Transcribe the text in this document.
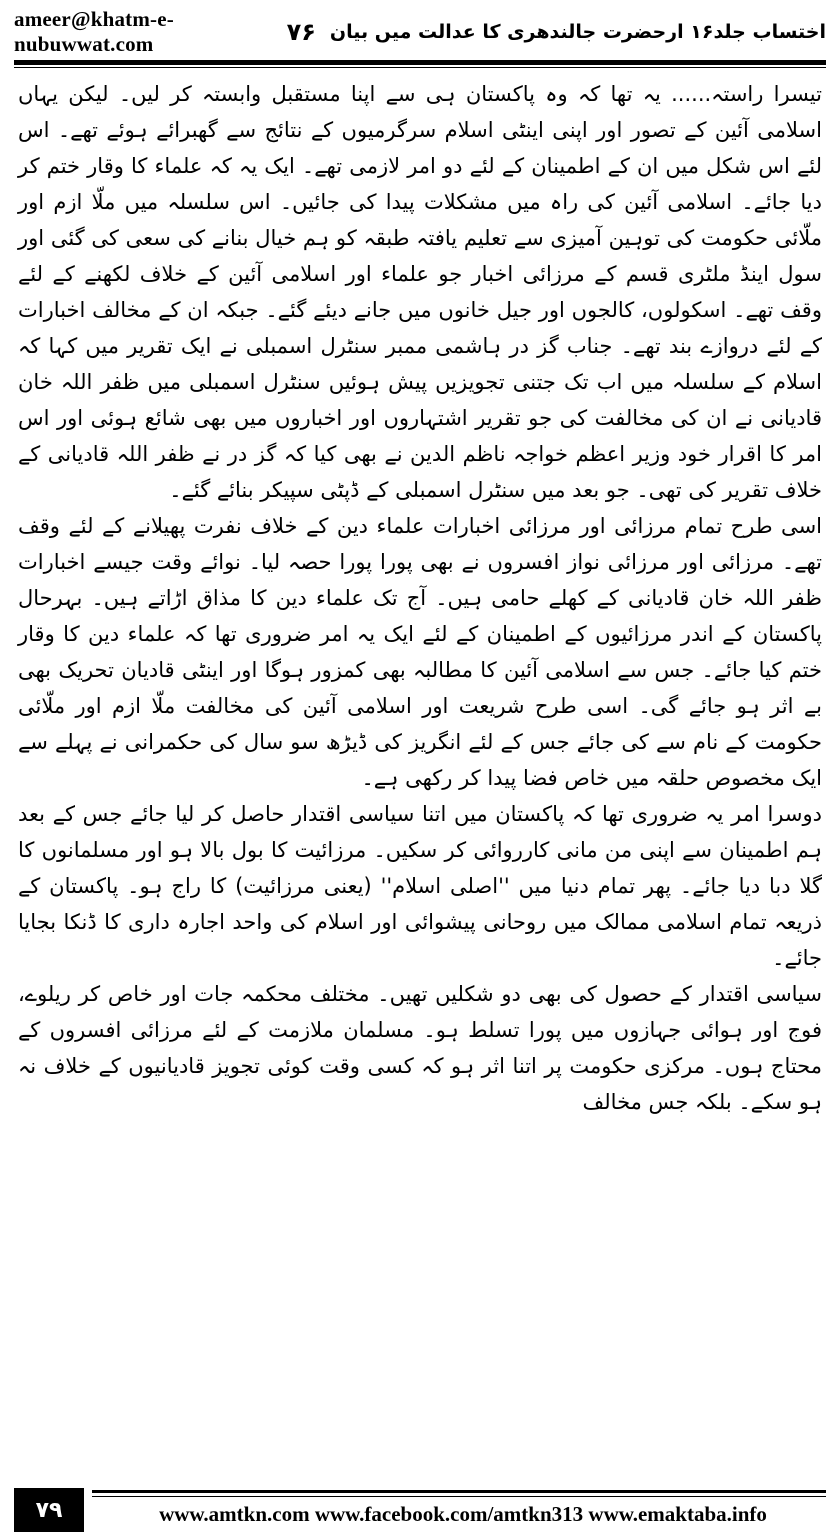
ameer@khatm-e-nubuwwat.com	اختساب جلد۱۶ ارحضرت جالندھری کا عدالت میں بیان
۷۶

تیسرا راستہ...... یہ تھا کہ وہ پاکستان ہی سے اپنا مستقبل وابستہ کر لیں۔ لیکن یہاں اسلامی آئین کے تصور اور اپنی اینٹی اسلام سرگرمیوں کے نتائج سے گھبرائے ہوئے تھے۔ اس لئے اس شکل میں ان کے اطمینان کے لئے دو امر لازمی تھے۔ ایک یہ کہ علماء کا وقار ختم کر دیا جائے۔ اسلامی آئین کی راہ میں مشکلات پیدا کی جائیں۔ اس سلسلہ میں ملّا ازم اور ملّائی حکومت کی توہین آمیزی سے تعلیم یافتہ طبقہ کو ہم خیال بنانے کی سعی کی گئی اور سول اینڈ ملٹری قسم کے مرزائی اخبار جو علماء اور اسلامی آئین کے خلاف لکھنے کے لئے وقف تھے۔ اسکولوں، کالجوں اور جیل خانوں میں جانے دیئے گئے۔ جبکہ ان کے مخالف اخبارات کے لئے دروازے بند تھے۔ جناب گز در ہاشمی ممبر سنٹرل اسمبلی نے ایک تقریر میں کہا کہ اسلام کے سلسلہ میں اب تک جتنی تجویزیں پیش ہوئیں سنٹرل اسمبلی میں ظفر اللہ خان قادیانی نے ان کی مخالفت کی جو تقریر اشتہاروں اور اخباروں میں بھی شائع ہوئی اور اس امر کا اقرار خود وزیر اعظم خواجہ ناظم الدین نے بھی کیا کہ گز در نے ظفر اللہ قادیانی کے خلاف تقریر کی تھی۔ جو بعد میں سنٹرل اسمبلی کے ڈپٹی سپیکر بنائے گئے۔

اسی طرح تمام مرزائی اور مرزائی اخبارات علماء دین کے خلاف نفرت پھیلانے کے لئے وقف تھے۔ مرزائی اور مرزائی نواز افسروں نے بھی پورا پورا حصہ لیا۔ نوائے وقت جیسے اخبارات ظفر اللہ خان قادیانی کے کھلے حامی ہیں۔ آج تک علماء دین کا مذاق اڑاتے ہیں۔ بہرحال پاکستان کے اندر مرزائیوں کے اطمینان کے لئے ایک یہ امر ضروری تھا کہ علماء دین کا وقار ختم کیا جائے۔ جس سے اسلامی آئین کا مطالبہ بھی کمزور ہوگا اور اینٹی قادیان تحریک بھی بے اثر ہو جائے گی۔ اسی طرح شریعت اور اسلامی آئین کی مخالفت ملّا ازم اور ملّائی حکومت کے نام سے کی جائے جس کے لئے انگریز کی ڈیڑھ سو سال کی حکمرانی نے پہلے سے ایک مخصوص حلقہ میں خاص فضا پیدا کر رکھی ہے۔

دوسرا امر یہ ضروری تھا کہ پاکستان میں اتنا سیاسی اقتدار حاصل کر لیا جائے جس کے بعد ہم اطمینان سے اپنی من مانی کارروائی کر سکیں۔ مرزائیت کا بول بالا ہو اور مسلمانوں کا گلا دبا دیا جائے۔ پھر تمام دنیا میں ''اصلی اسلام'' (یعنی مرزائیت) کا راج ہو۔ پاکستان کے ذریعہ تمام اسلامی ممالک میں روحانی پیشوائی اور اسلام کی واحد اجارہ داری کا ڈنکا بجایا جائے۔

سیاسی اقتدار کے حصول کی بھی دو شکلیں تھیں۔ مختلف محکمہ جات اور خاص کر ریلوے، فوج اور ہوائی جہازوں میں پورا تسلط ہو۔ مسلمان ملازمت کے لئے مرزائی افسروں کے محتاج ہوں۔ مرکزی حکومت پر اتنا اثر ہو کہ کسی وقت کوئی تجویز قادیانیوں کے خلاف نہ ہو سکے۔ بلکہ جس مخالف

۷۹	www.amtkn.com www.facebook.com/amtkn313 www.emaktaba.info
